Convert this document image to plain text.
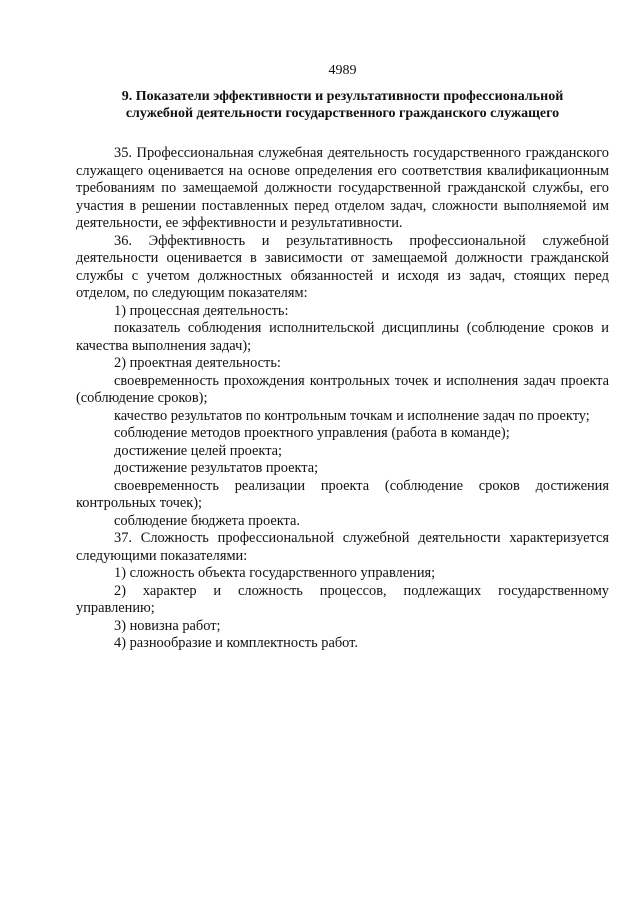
4989
9. Показатели эффективности и результативности профессиональной
служебной деятельности государственного гражданского служащего

35. Профессиональная служебная деятельность государственного гражданского служащего оценивается на основе определения его соответствия квалификационным требованиям по замещаемой должности государственной гражданской службы, его участия в решении поставленных перед отделом задач, сложности выполняемой им деятельности, ее эффективности и результативности.

36. Эффективность и результативность профессиональной служебной деятельности оценивается в зависимости от замещаемой должности гражданской службы с учетом должностных обязанностей и исходя из задач, стоящих перед отделом, по следующим показателям:

1) процессная деятельность:

показатель соблюдения исполнительской дисциплины (соблюдение сроков и качества выполнения задач);

2) проектная деятельность:

своевременность прохождения контрольных точек и исполнения задач проекта (соблюдение сроков);

качество результатов по контрольным точкам и исполнение задач по проекту;

соблюдение методов проектного управления (работа в команде);

достижение целей проекта;

достижение результатов проекта;

своевременность реализации проекта (соблюдение сроков достижения контрольных точек);

соблюдение бюджета проекта.

37. Сложность профессиональной служебной деятельности характеризуется следующими показателями:

1) сложность объекта государственного управления;

2) характер и сложность процессов, подлежащих государственному управлению;

3) новизна работ;

4) разнообразие и комплектность работ.
